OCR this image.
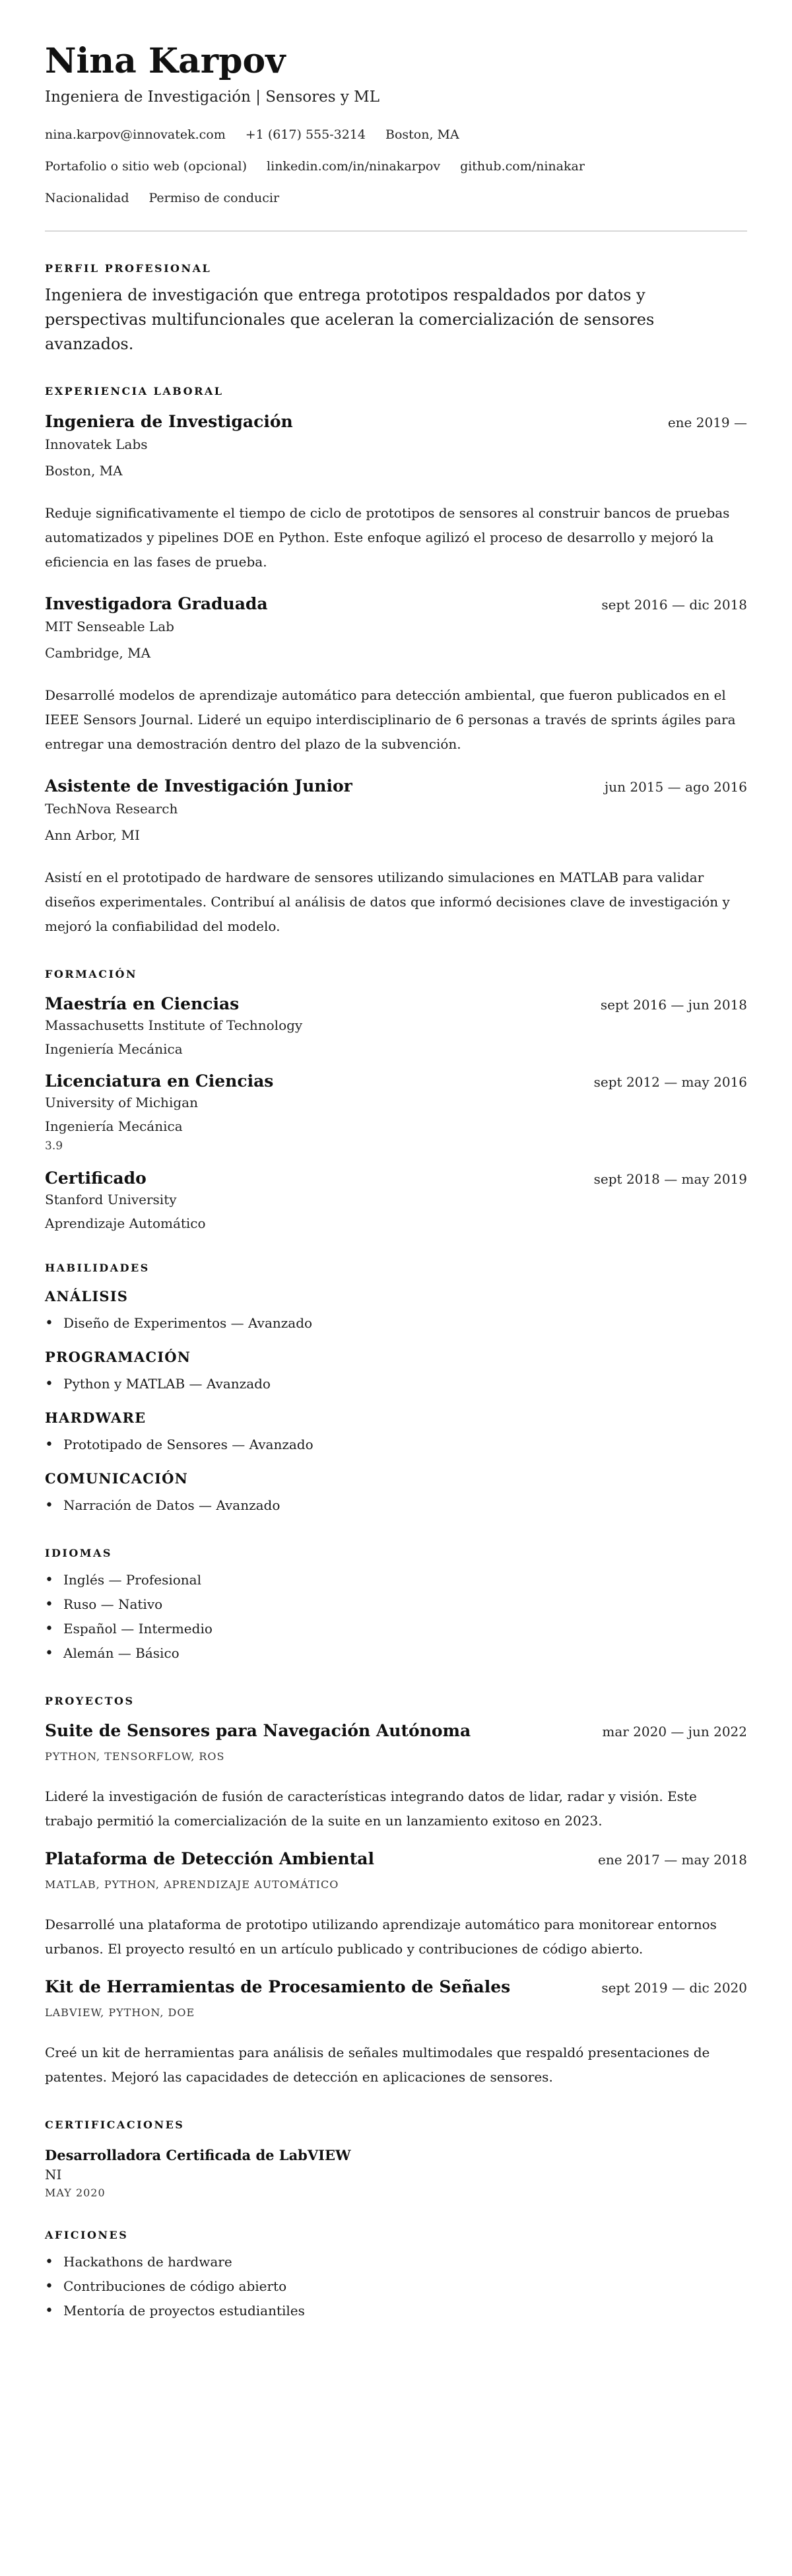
Nina Karpov
Ingeniera de Investigación | Sensores y ML
nina.karpov@innovatek.com +1 (617) 555-3214 Boston, MA
Portafolio o sitio web (opcional) linkedin.com/in/ninakarpov github.com/ninakar
Nacionalidad Permiso de conducir
PERFIL PROFESIONAL

Ingeniera de investigación que entrega prototipos respaldados por datos y perspectivas multifuncionales que aceleran la comercialización de sensores avanzados.

EXPERIENCIA LABORAL
Ingeniera de Investigación	ene 2019 —
Innovatek Labs
Boston, MA

Reduje significativamente el tiempo de ciclo de prototipos de sensores al construir bancos de pruebas automatizados y pipelines DOE en Python. Este enfoque agilizó el proceso de desarrollo y mejoró la eficiencia en las fases de prueba.

Investigadora Graduada	sept 2016 — dic 2018
MIT Senseable Lab
Cambridge, MA

Desarrollé modelos de aprendizaje automático para detección ambiental, que fueron publicados en el IEEE Sensors Journal. Lideré un equipo interdisciplinario de 6 personas a través de sprints ágiles para entregar una demostración dentro del plazo de la subvención.

Asistente de Investigación Junior	jun 2015 — ago 2016
TechNova Research
Ann Arbor, MI

Asistí en el prototipado de hardware de sensores utilizando simulaciones en MATLAB para validar diseños experimentales. Contribuí al análisis de datos que informó decisiones clave de investigación y mejoró la confiabilidad del modelo.

FORMACIÓN
Maestría en Ciencias	sept 2016 — jun 2018
Massachusetts Institute of Technology
Ingeniería Mecánica
Licenciatura en Ciencias	sept 2012 — may 2016
University of Michigan
Ingeniería Mecánica
3.9
Certificado	sept 2018 — may 2019
Stanford University
Aprendizaje Automático
HABILIDADES
ANÁLISIS
• Diseño de Experimentos — Avanzado
PROGRAMACIÓN
• Python y MATLAB — Avanzado
HARDWARE
• Prototipado de Sensores — Avanzado
COMUNICACIÓN
• Narración de Datos — Avanzado
IDIOMAS
• Inglés — Profesional
• Ruso — Nativo
• Español — Intermedio
• Alemán — Básico
PROYECTOS
Suite de Sensores para Navegación Autónoma	mar 2020 — jun 2022
PYTHON, TENSORFLOW, ROS

Lideré la investigación de fusión de características integrando datos de lidar, radar y visión. Este trabajo permitió la comercialización de la suite en un lanzamiento exitoso en 2023.

Plataforma de Detección Ambiental	ene 2017 — may 2018
MATLAB, PYTHON, APRENDIZAJE AUTOMÁTICO

Desarrollé una plataforma de prototipo utilizando aprendizaje automático para monitorear entornos urbanos. El proyecto resultó en un artículo publicado y contribuciones de código abierto.

Kit de Herramientas de Procesamiento de Señales	sept 2019 — dic 2020
LABVIEW, PYTHON, DOE

Creé un kit de herramientas para análisis de señales multimodales que respaldó presentaciones de patentes. Mejoró las capacidades de detección en aplicaciones de sensores.

CERTIFICACIONES
Desarrolladora Certificada de LabVIEW
NI
MAY 2020
AFICIONES
• Hackathons de hardware
• Contribuciones de código abierto
• Mentoría de proyectos estudiantiles
